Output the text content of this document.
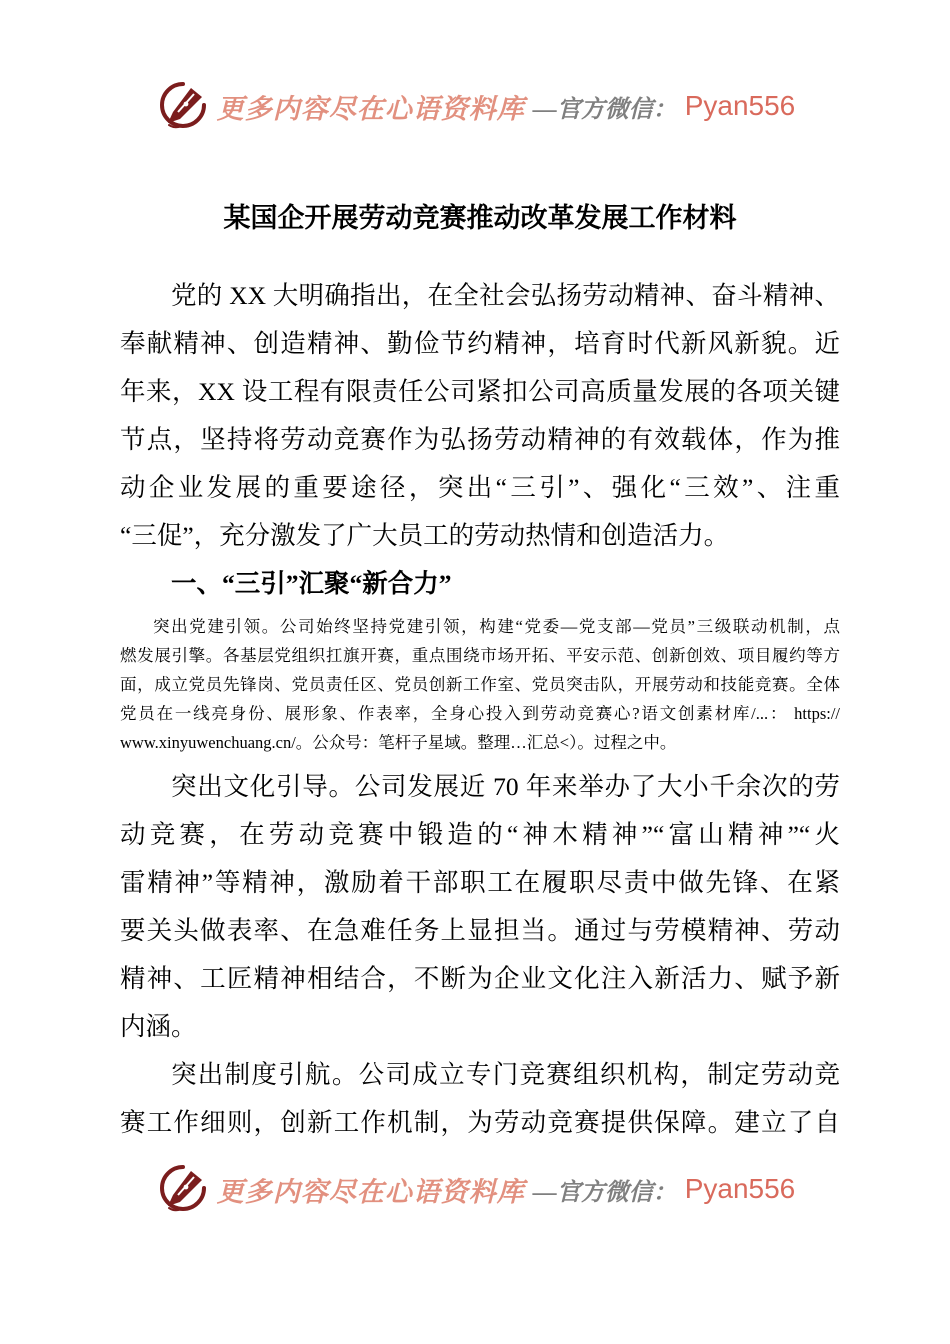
更多内容尽在心语资料库 —官方微信： Pyan556
某国企开展劳动竞赛推动改革发展工作材料
党的 XX 大明确指出，在全社会弘扬劳动精神、奋斗精神、
奉献精神、创造精神、勤俭节约精神，培育时代新风新貌。近
年来，XX 设工程有限责任公司紧扣公司高质量发展的各项关键
节点，坚持将劳动竞赛作为弘扬劳动精神的有效载体，作为推
动企业发展的重要途径，突出“三引”、强化“三效”、注重
“三促”，充分激发了广大员工的劳动热情和创造活力。
一、“三引”汇聚“新合力”
突出党建引领。公司始终坚持党建引领，构建“党委—党支部—党员”三级联动机制，点
燃发展引擎。各基层党组织扛旗开赛，重点围绕市场开拓、平安示范、创新创效、项目履约等方
面，成立党员先锋岗、党员责任区、党员创新工作室、党员突击队，开展劳动和技能竞赛。全体
党员在一线亮身份、展形象、作表率，全身心投入到劳动竞赛心?语文创素材库/...： https://
www.xinyuwenchuang.cn/。公众号：笔杆子星域。整理…汇总<）。过程之中。
突出文化引导。公司发展近 70 年来举办了大小千余次的劳
动竞赛，在劳动竞赛中锻造的“神木精神”“富山精神”“火
雷精神”等精神，激励着干部职工在履职尽责中做先锋、在紧
要关头做表率、在急难任务上显担当。通过与劳模精神、劳动
精神、工匠精神相结合，不断为企业文化注入新活力、赋予新
内涵。
突出制度引航。公司成立专门竞赛组织机构，制定劳动竞
赛工作细则，创新工作机制，为劳动竞赛提供保障。建立了自
更多内容尽在心语资料库 —官方微信： Pyan556
